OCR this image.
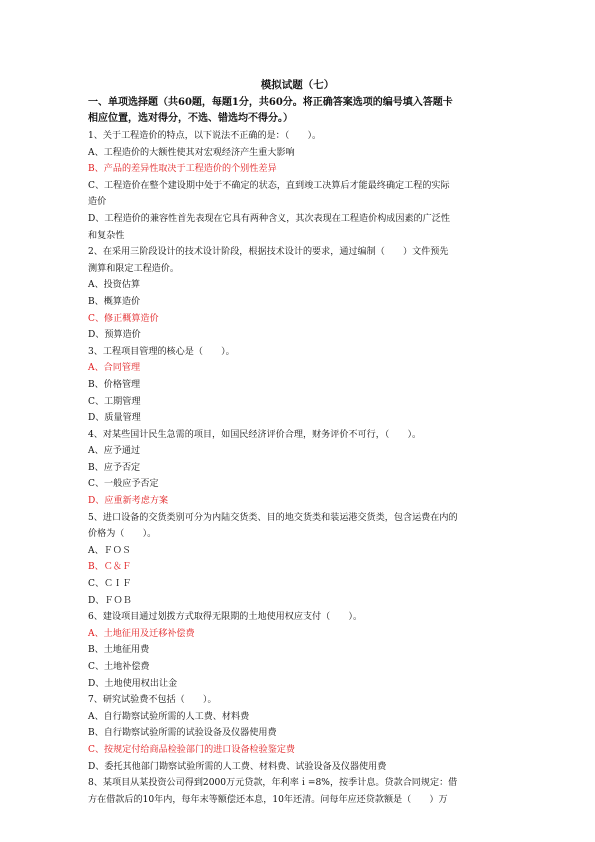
模拟试题（七）
一、单项选择题（共60题，每题1分，共60分。将正确答案选项的编号填入答题卡
相应位置，选对得分，不选、错选均不得分。）
1、关于工程造价的特点，以下说法不正确的是：（　　）。
A、工程造价的大额性使其对宏观经济产生重大影响
B、产品的差异性取决于工程造价的个别性差异
C、工程造价在整个建设期中处于不确定的状态，直到竣工决算后才能最终确定工程的实际
造价
D、工程造价的兼容性首先表现在它具有两种含义，其次表现在工程造价构成因素的广泛性
和复杂性
2、在采用三阶段设计的技术设计阶段，根据技术设计的要求，通过编制（　　）文件预先
测算和限定工程造价。
A、投资估算
B、概算造价
C、修正概算造价
D、预算造价
3、工程项目管理的核心是（　　）。
A、合同管理
B、价格管理
C、工期管理
D、质量管理
4、对某些国计民生急需的项目，如国民经济评价合理，财务评价不可行，（　　）。
A、应予通过
B、应予否定
C、一般应予否定
D、应重新考虑方案
5、进口设备的交货类别可分为内陆交货类、目的地交货类和装运港交货类，包含运费在内的
价格为（　　）。
A、ＦＯＳ
B、Ｃ＆Ｆ
C、ＣＩＦ
D、ＦＯＢ
6、建设项目通过划拨方式取得无限期的土地使用权应支付（　　）。
A、土地征用及迁移补偿费
B、土地征用费
C、土地补偿费
D、土地使用权出让金
7、研究试验费不包括（　　）。
A、自行勘察试验所需的人工费、材料费
B、自行勘察试验所需的试验设备及仪器使用费
C、按规定付给商品检验部门的进口设备检验鉴定费
D、委托其他部门勘察试验所需的人工费、材料费、试验设备及仪器使用费
8、某项目从某投资公司得到2000万元贷款，年利率ｉ=8%，按季计息。贷款合同规定：借
方在借款后的10年内，每年末等额偿还本息，10年还清。问每年应还贷款额是（　　）万
